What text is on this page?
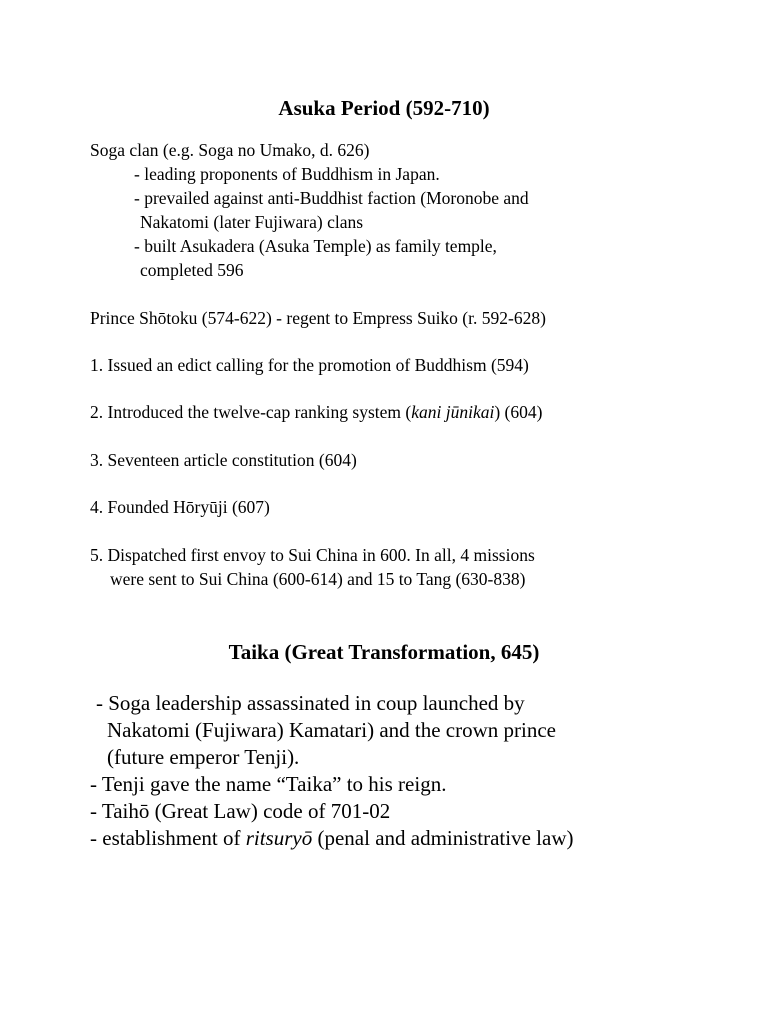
Asuka Period (592-710)
Soga clan (e.g. Soga no Umako, d. 626)
- leading proponents of Buddhism in Japan.
- prevailed against anti-Buddhist faction (Moronobe and
Nakatomi (later Fujiwara) clans
- built Asukadera (Asuka Temple) as family temple,
completed 596
Prince Shōtoku (574-622) - regent to Empress Suiko (r. 592-628)
1. Issued an edict calling for the promotion of Buddhism (594)
2. Introduced the twelve-cap ranking system (kani jūnikai) (604)
3. Seventeen article constitution (604)
4. Founded Hōryūji (607)
5. Dispatched first envoy to Sui China in 600. In all, 4 missions
were sent to Sui China (600-614) and 15 to Tang (630-838)
Taika (Great Transformation, 645)
- Soga leadership assassinated in coup launched by
Nakatomi (Fujiwara) Kamatari) and the crown prince
(future emperor Tenji).
- Tenji gave the name “Taika” to his reign.
- Taihō (Great Law) code of 701-02
- establishment of ritsuryō (penal and administrative law)
